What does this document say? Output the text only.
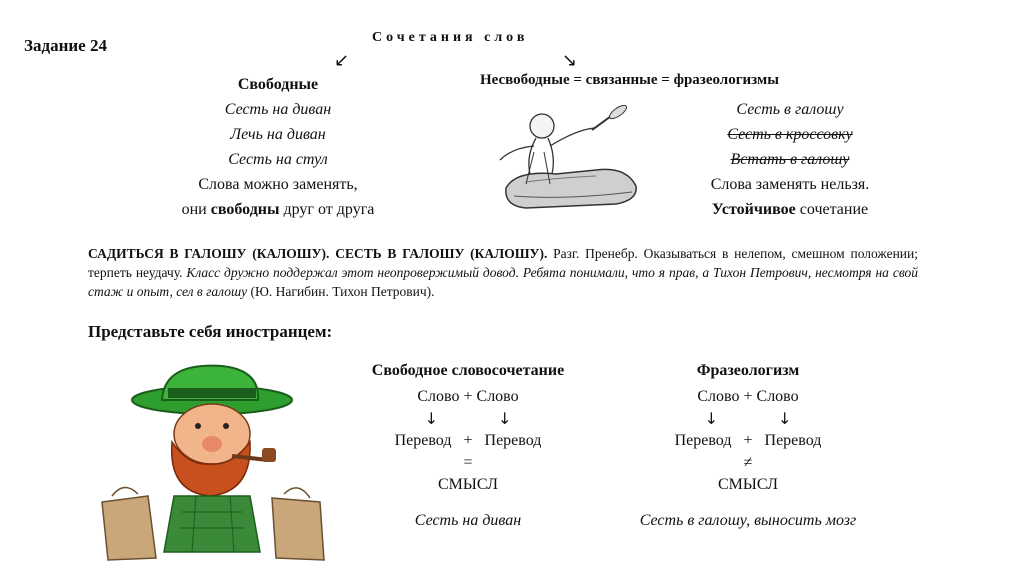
Задание 24	Сочетания слов
↙	↘
Свободные
Сесть на диван
Лечь на диван
Сесть на стул
Слова можно заменять,
они свободны друг от друга
Несвободные = связанные = фразеологизмы
Сесть в галошу
Сесть в кроссовку
Встать в галошу
Слова заменять нельзя.
Устойчивое сочетание
САДИТЬСЯ В ГАЛОШУ (КАЛОШУ). СЕСТЬ В ГАЛОШУ (КАЛОШУ). Разг. Пренебр. Оказываться в нелепом, смешном положении; терпеть неудачу. Класс дружно поддержал этот неопровержимый довод. Ребята понимали, что я прав, а Тихон Петрович, несмотря на свой стаж и опыт, сел в галошу (Ю. Нагибин. Тихон Петрович).
Представьте себя иностранцем:
Свободное словосочетание
Слово + Слово
↓	↓
Перевод + Перевод
=
СМЫСЛ
Сесть на диван
Фразеологизм
Слово + Слово
↓	↓
Перевод + Перевод
≠
СМЫСЛ
Сесть в галошу, выносить мозг
